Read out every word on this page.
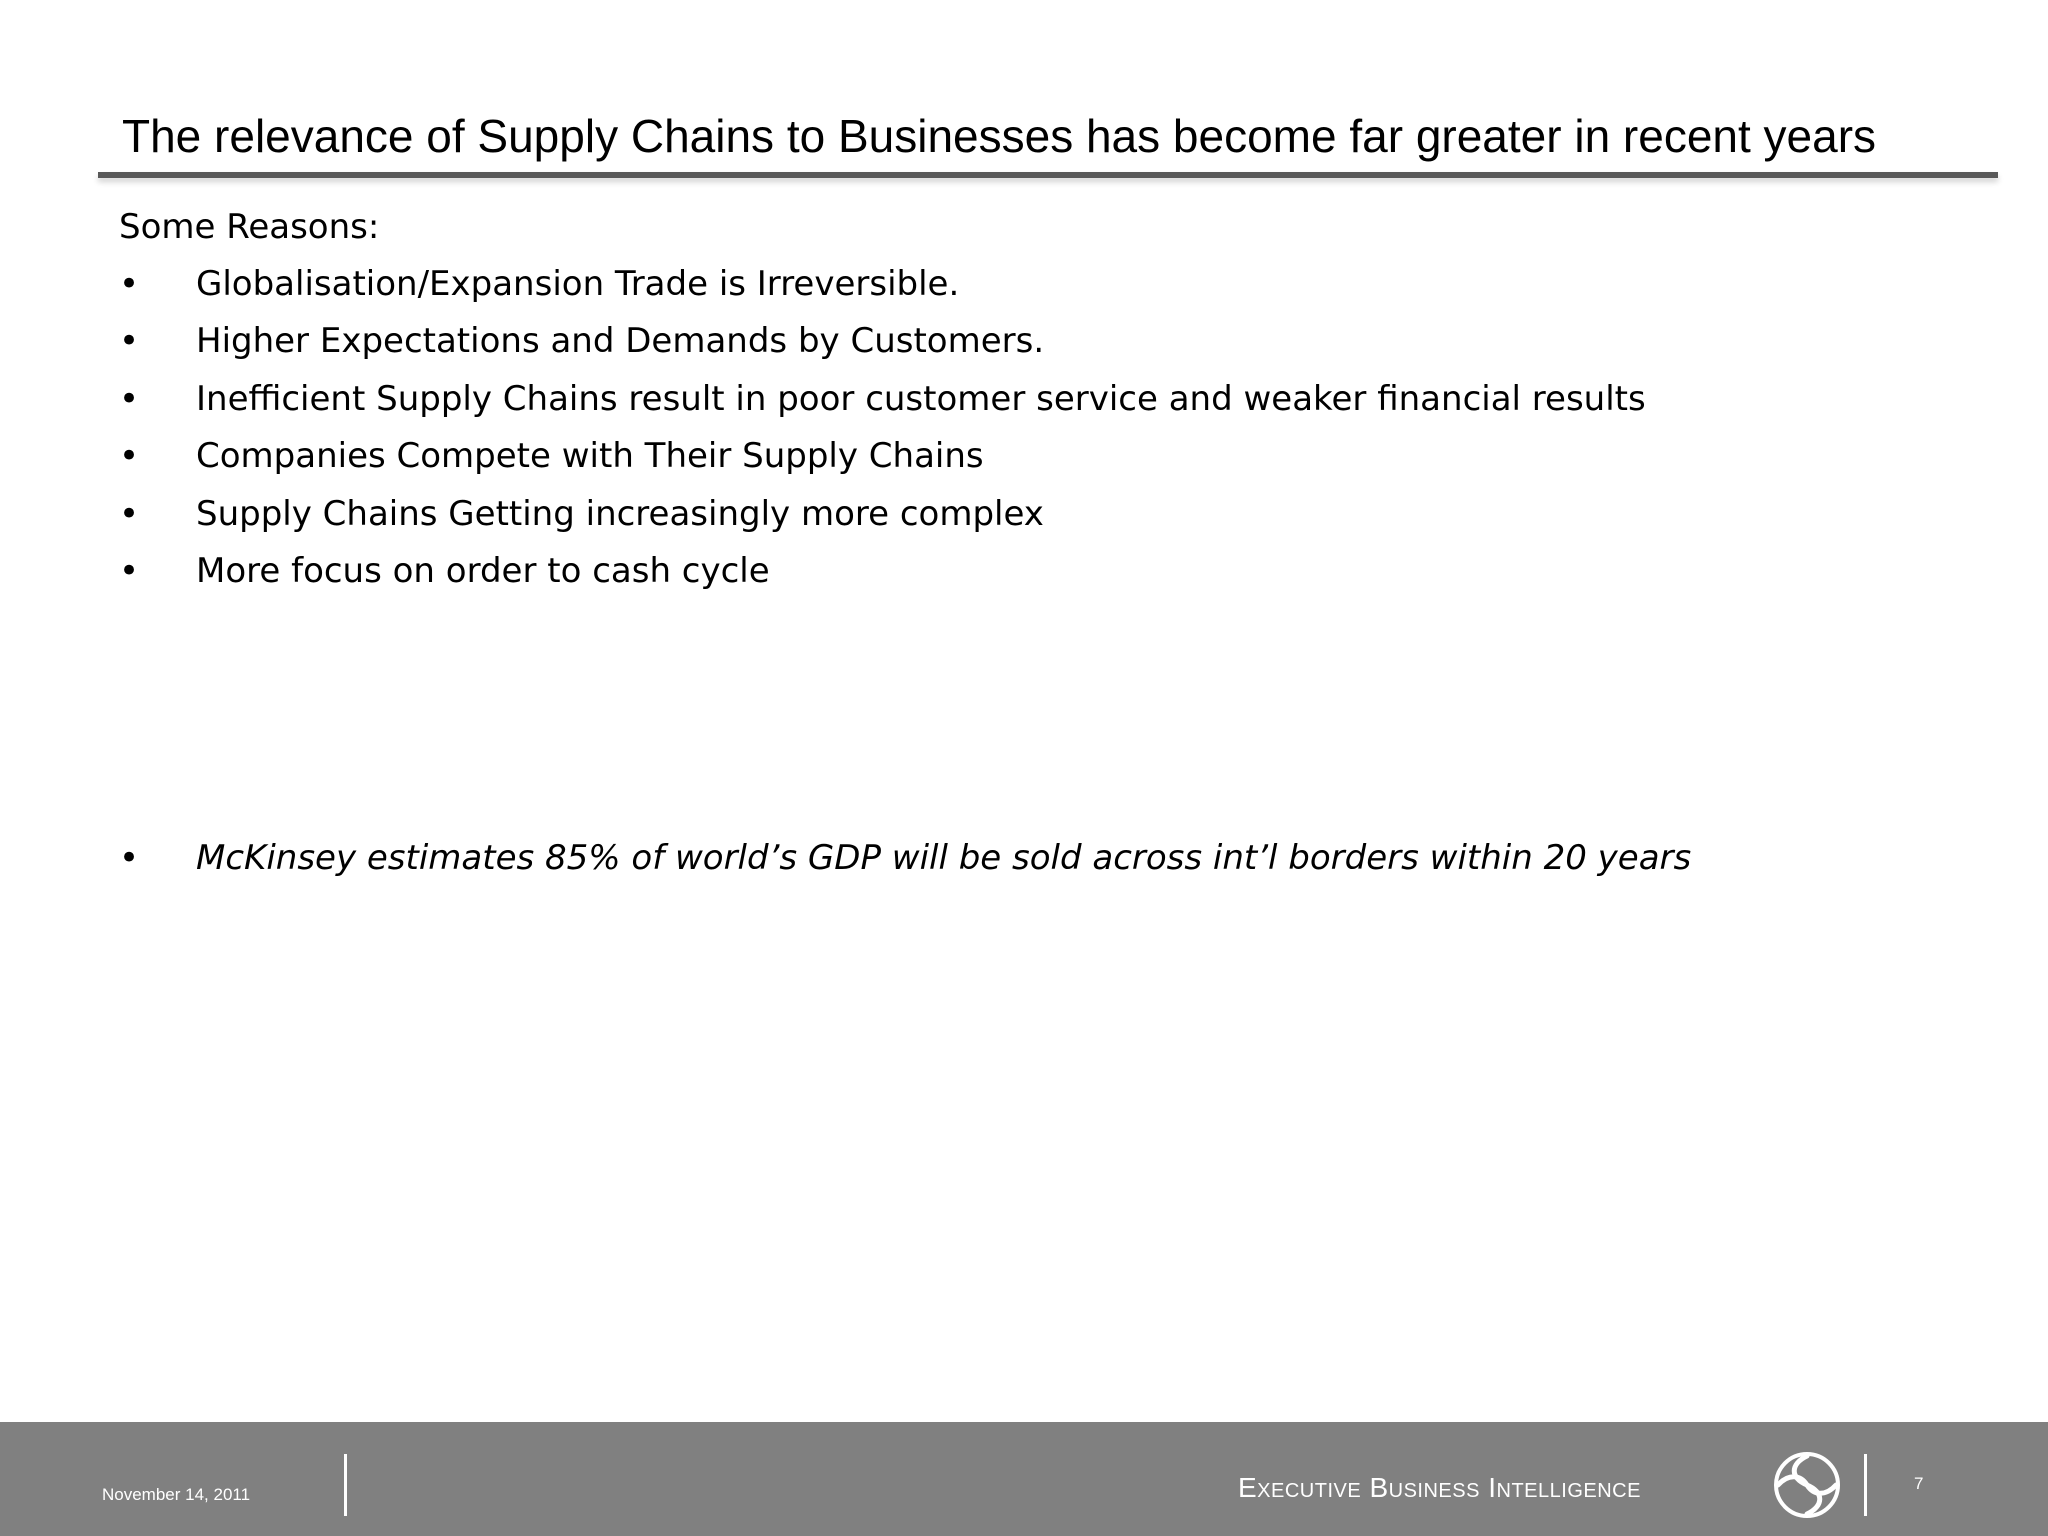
The relevance of Supply Chains to Businesses has become far greater in recent years
Some Reasons:
• Globalisation/Expansion Trade is Irreversible.
• Higher Expectations and Demands by Customers.
• Inefficient Supply Chains result in poor customer service and weaker financial results
• Companies Compete with Their Supply Chains
• Supply Chains Getting increasingly more complex
• More focus on order to cash cycle
• McKinsey estimates 85% of world’s GDP will be sold across int’l borders within 20 years
November 14, 2011	Executive Business Intelligence	7
